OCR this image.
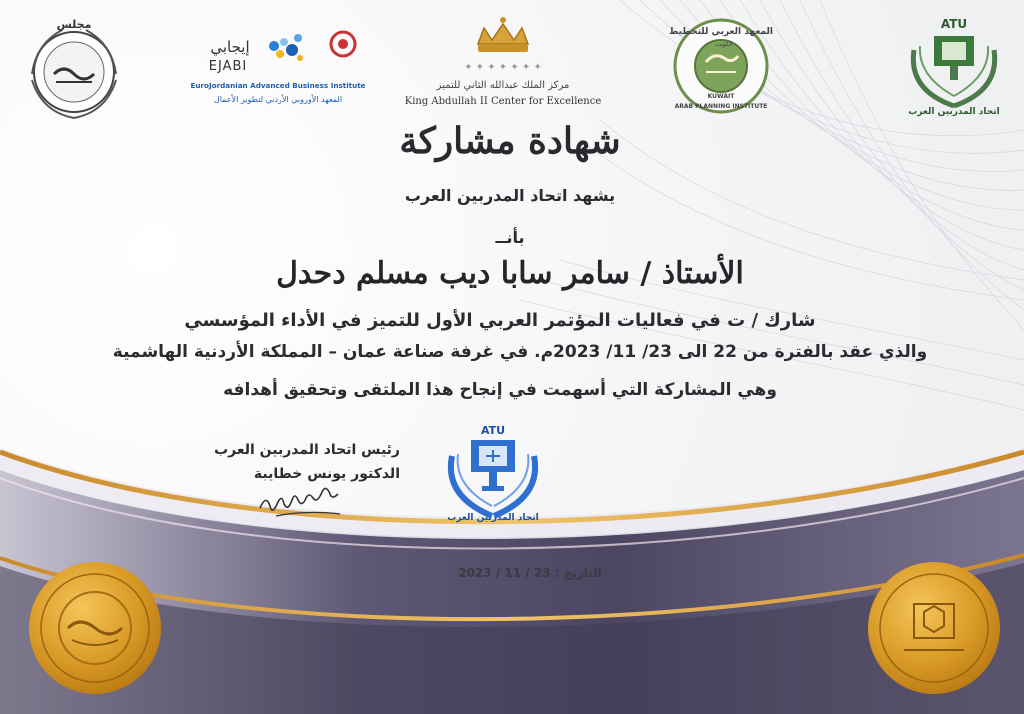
مجلس
إيجابي
EJABI
EuroJordanian Advanced Business Institute
المعهد الأوروبي الأردني لتطوير الأعمال
✦ ✦ ✦ ✦ ✦ ✦ ✦
مركز الملك عبدالله الثاني للتميز
King Abdullah II Center for Excellence
المعهد العربي للتخطيط
الكويت
KUWAIT
ARAB PLANNING INSTITUTE
ATU
اتحاد المدربين العرب
شهادة مشاركة
يشهد اتحاد المدربين العرب
بأنــ
الأستاذ / سامر سابا ديب مسلم دحدل
شارك / ت في فعاليات المؤتمر العربي الأول للتميز في الأداء المؤسسي
والذي عقد بالفترة من 22 الى 23/ 11/ 2023م. في غرفة صناعة عمان – المملكة الأردنية الهاشمية
وهي المشاركة التي أسهمت في إنجاح هذا الملتقى وتحقيق أهدافه
رئيس اتحاد المدربين العرب
الدكتور يونس خطايبة
ATU
اتحاد المدربين العرب
التاريخ : 23 / 11 / 2023
